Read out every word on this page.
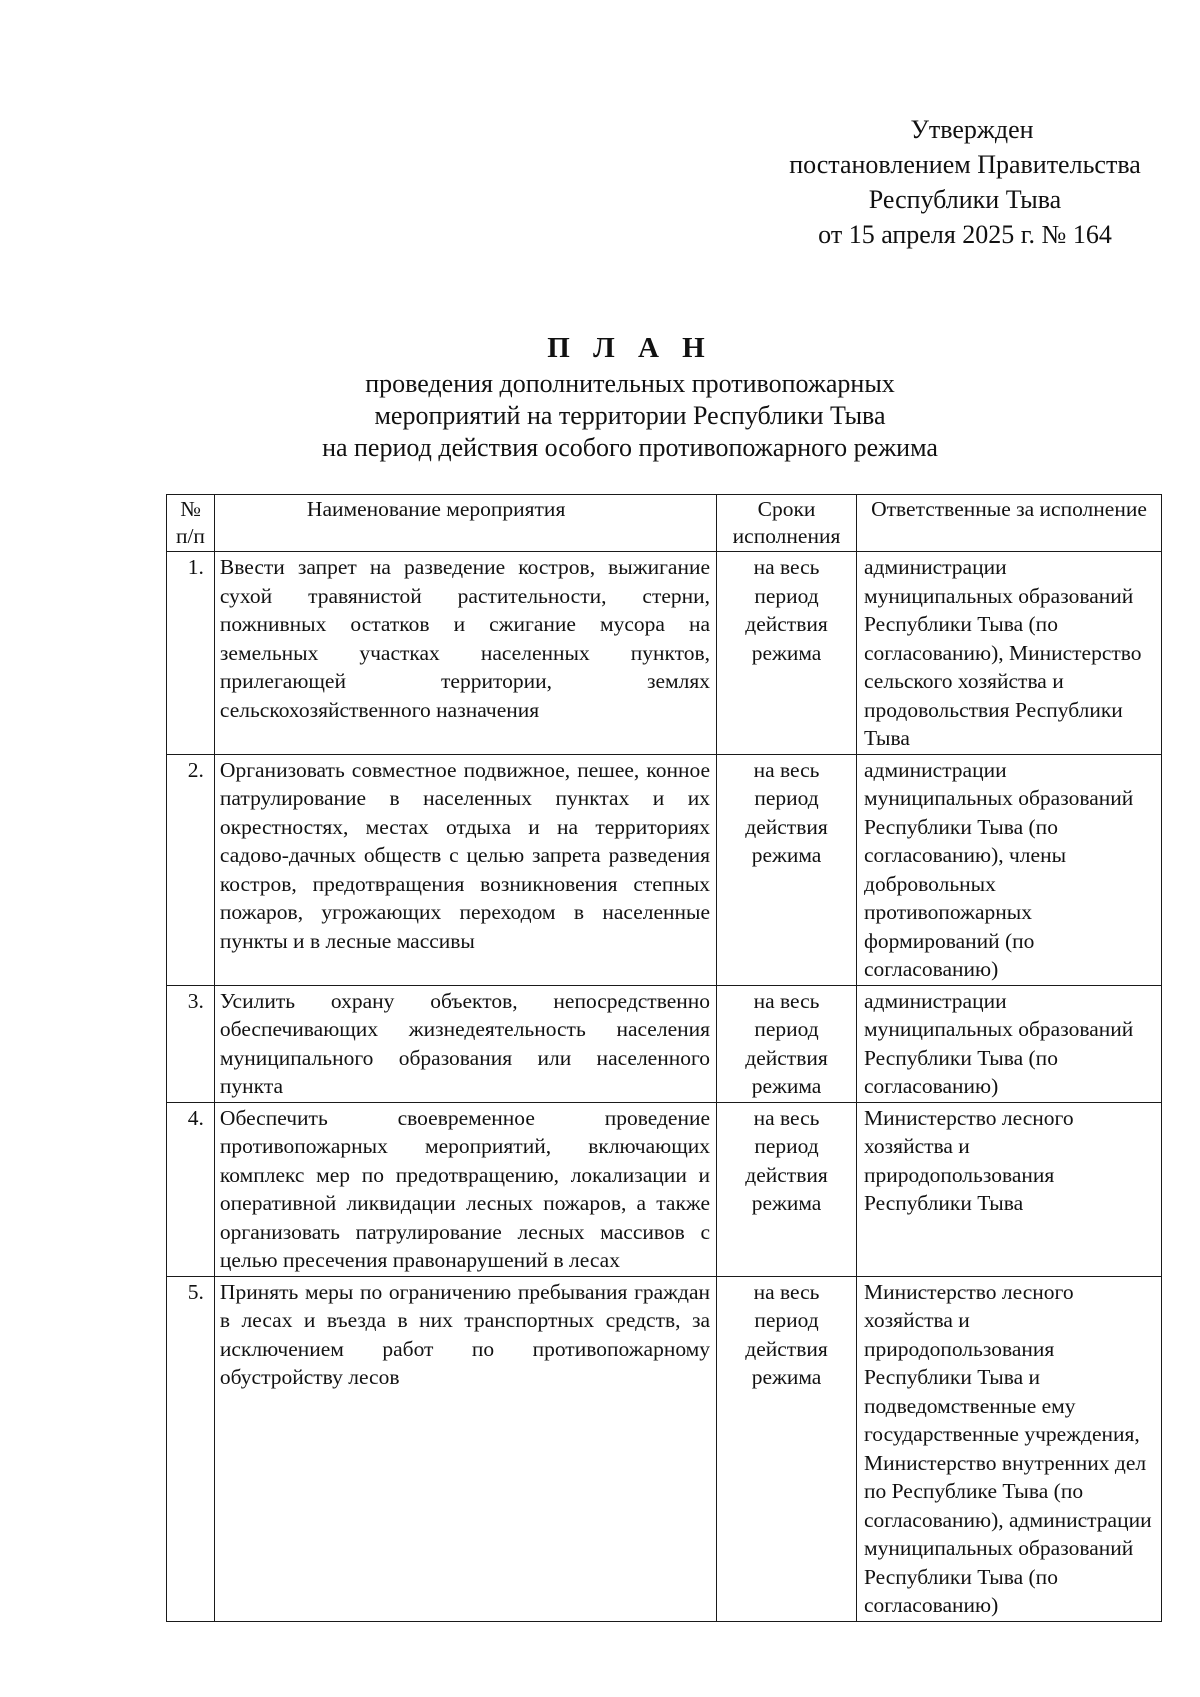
Утвержден
постановлением Правительства
Республики Тыва
от 15 апреля 2025 г. № 164
П Л А Н

проведения дополнительных противопожарных
мероприятий на территории Республики Тыва
на период действия особого противопожарного режима

№ п/п	Наименование мероприятия	Сроки исполнения	Ответственные за исполнение
1.	Ввести запрет на разведение костров, выжигание сухой травянистой растительности, стерни, пожнивных остатков и сжигание мусора на земельных участках населенных пунктов, прилегающей территории, землях сельскохозяйственного назначения	на весь период действия режима	администрации муниципальных образований Республики Тыва (по согласованию), Министерство сельского хозяйства и продовольствия Республики Тыва
2.	Организовать совместное подвижное, пешее, конное патрулирование в населенных пунктах и их окрестностях, местах отдыха и на территориях садово-дачных обществ с целью запрета разведения костров, предотвращения возникновения степных пожаров, угрожающих переходом в населенные пункты и в лесные массивы	на весь период действия режима	администрации муниципальных образований Республики Тыва (по согласованию), члены добровольных противопожарных формирований (по согласованию)
3.	Усилить охрану объектов, непосредственно обеспечивающих жизнедеятельность населения муниципального образования или населенного пункта	на весь период действия режима	администрации муниципальных образований Республики Тыва (по согласованию)
4.	Обеспечить своевременное проведение противопожарных мероприятий, включающих комплекс мер по предотвращению, локализации и оперативной ликвидации лесных пожаров, а также организовать патрулирование лесных массивов с целью пресечения правонарушений в лесах	на весь период действия режима	Министерство лесного хозяйства и природопользования Республики Тыва
5.	Принять меры по ограничению пребывания граждан в лесах и въезда в них транспортных средств, за исключением работ по противопожарному обустройству лесов	на весь период действия режима	Министерство лесного хозяйства и природопользования Республики Тыва и подведомственные ему государственные учреждения, Министерство внутренних дел по Республике Тыва (по согласованию), администрации муниципальных образований Республики Тыва (по согласованию)
